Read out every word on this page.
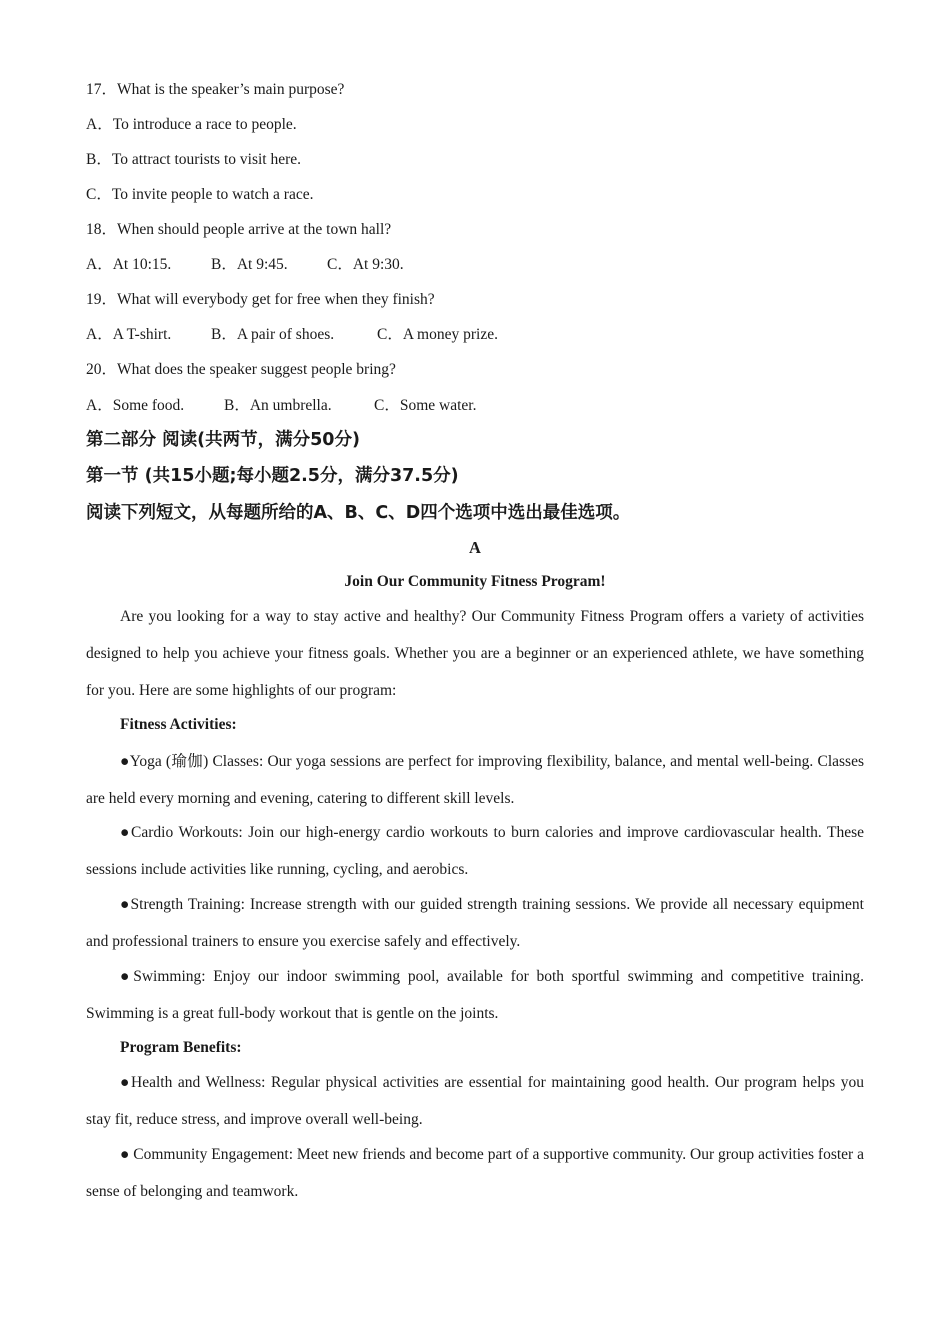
17．What is the speaker’s main purpose?
A．To introduce a race to people.
B．To attract tourists to visit here.
C．To invite people to watch a race.
18．When should people arrive at the town hall?
A．At 10:15.	B．At 9:45.	C．At 9:30.
19．What will everybody get for free when they finish?
A．A T-shirt.	B．A pair of shoes.	C．A money prize.
20．What does the speaker suggest people bring?
A．Some food.	B．An umbrella.	C．Some water.
第二部分 阅读(共两节，满分50分)
第一节 (共15小题;每小题2.5分，满分37.5分)
阅读下列短文，从每题所给的A、B、C、D四个选项中选出最佳选项。
A
Join Our Community Fitness Program!

Are you looking for a way to stay active and healthy? Our Community Fitness Program offers a variety of activities designed to help you achieve your fitness goals. Whether you are a beginner or an experienced athlete, we have something for you. Here are some highlights of our program:

Fitness Activities:

●Yoga (瑜伽) Classes: Our yoga sessions are perfect for improving flexibility, balance, and mental well-being. Classes are held every morning and evening, catering to different skill levels.

●Cardio Workouts: Join our high-energy cardio workouts to burn calories and improve cardiovascular health. These sessions include activities like running, cycling, and aerobics.

●Strength Training: Increase strength with our guided strength training sessions. We provide all necessary equipment and professional trainers to ensure you exercise safely and effectively.

●Swimming: Enjoy our indoor swimming pool, available for both sportful swimming and competitive training. Swimming is a great full-body workout that is gentle on the joints.

Program Benefits:

●Health and Wellness: Regular physical activities are essential for maintaining good health. Our program helps you stay fit, reduce stress, and improve overall well-being.

● Community Engagement: Meet new friends and become part of a supportive community. Our group activities foster a sense of belonging and teamwork.
